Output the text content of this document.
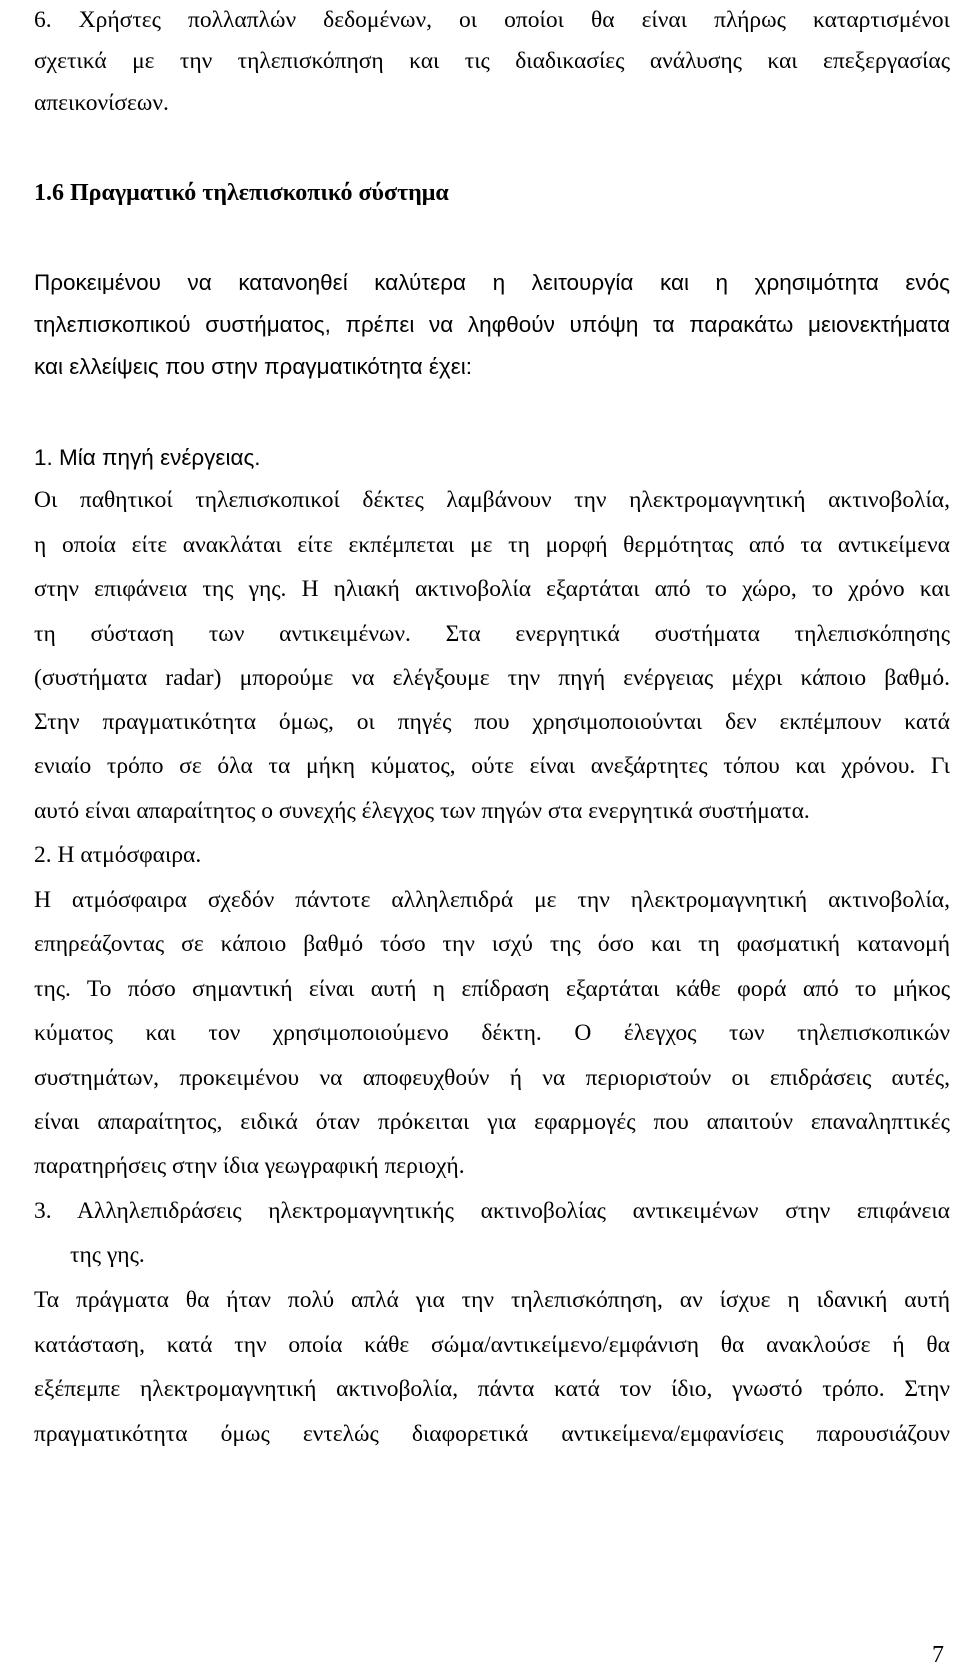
6. Χρήστες πολλαπλών δεδομένων, οι οποίοι θα είναι πλήρως καταρτισμένοι
σχετικά με την τηλεπισκόπηση και τις διαδικασίες ανάλυσης και επεξεργασίας
απεικονίσεων.
1.6 Πραγματικό τηλεπισκοπικό σύστημα
Προκειμένου να κατανοηθεί καλύτερα η λειτουργία και η χρησιμότητα ενός
τηλεπισκοπικού συστήματος, πρέπει να ληφθούν υπόψη τα παρακάτω μειονεκτήματα
και ελλείψεις που στην πραγματικότητα έχει:
1. Μία πηγή ενέργειας.
Οι παθητικοί τηλεπισκοπικοί δέκτες λαμβάνουν την ηλεκτρομαγνητική ακτινοβολία,
η οποία είτε ανακλάται είτε εκπέμπεται με τη μορφή θερμότητας από τα αντικείμενα
στην επιφάνεια της γης. Η ηλιακή ακτινοβολία εξαρτάται από το χώρο, το χρόνο και
τη σύσταση των αντικειμένων. Στα ενεργητικά συστήματα τηλεπισκόπησης
(συστήματα radar) μπορούμε να ελέγξουμε την πηγή ενέργειας μέχρι κάποιο βαθμό.
Στην πραγματικότητα όμως, οι πηγές που χρησιμοποιούνται δεν εκπέμπουν κατά
ενιαίο τρόπο σε όλα τα μήκη κύματος, ούτε είναι ανεξάρτητες τόπου και χρόνου. Γι
αυτό είναι απαραίτητος ο συνεχής έλεγχος των πηγών στα ενεργητικά συστήματα.
2. Η ατμόσφαιρα.
Η ατμόσφαιρα σχεδόν πάντοτε αλληλεπιδρά με την ηλεκτρομαγνητική ακτινοβολία,
επηρεάζοντας σε κάποιο βαθμό τόσο την ισχύ της όσο και τη φασματική κατανομή
της. Το πόσο σημαντική είναι αυτή η επίδραση εξαρτάται κάθε φορά από το μήκος
κύματος και τον χρησιμοποιούμενο δέκτη. Ο έλεγχος των τηλεπισκοπικών
συστημάτων, προκειμένου να αποφευχθούν ή να περιοριστούν οι επιδράσεις αυτές,
είναι απαραίτητος, ειδικά όταν πρόκειται για εφαρμογές που απαιτούν επαναληπτικές
παρατηρήσεις στην ίδια γεωγραφική περιοχή.
3. Αλληλεπιδράσεις ηλεκτρομαγνητικής ακτινοβολίας αντικειμένων στην επιφάνεια
της γης.
Τα πράγματα θα ήταν πολύ απλά για την τηλεπισκόπηση, αν ίσχυε η ιδανική αυτή
κατάσταση, κατά την οποία κάθε σώμα/αντικείμενο/εμφάνιση θα ανακλούσε ή θα
εξέπεμπε ηλεκτρομαγνητική ακτινοβολία, πάντα κατά τον ίδιο, γνωστό τρόπο. Στην
πραγματικότητα όμως εντελώς διαφορετικά αντικείμενα/εμφανίσεις παρουσιάζουν
7
